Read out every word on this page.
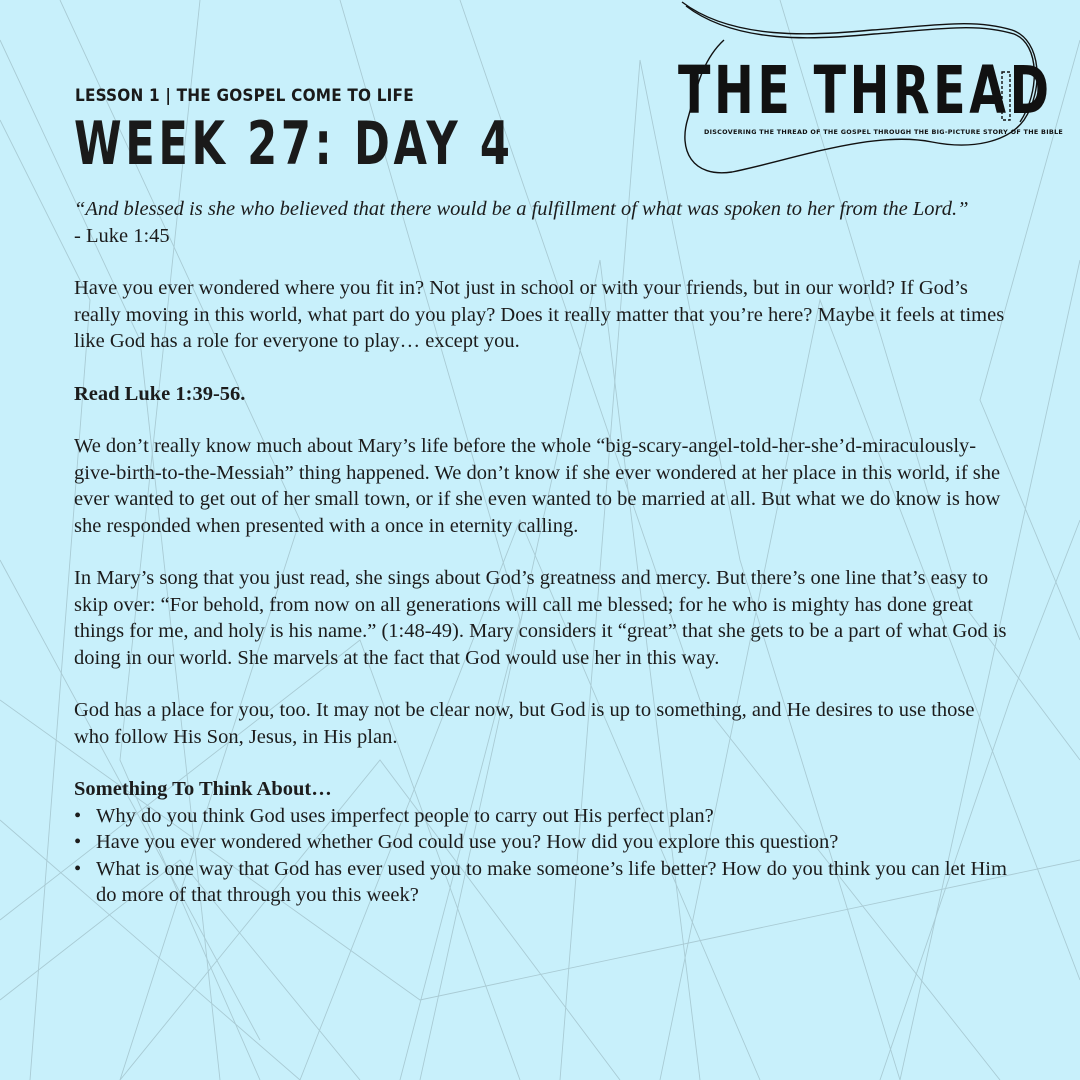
LESSON 1 | THE GOSPEL COME TO LIFE
WEEK 27: DAY 4
THE THREAD
DISCOVERING THE THREAD OF THE GOSPEL THROUGH THE BIG-PICTURE STORY OF THE BIBLE

“And blessed is she who believed that there would be a fulfillment of what was spoken to her from the Lord.”

- Luke 1:45

Have you ever wondered where you fit in? Not just in school or with your friends, but in our world? If God’s really moving in this world, what part do you play? Does it really matter that you’re here? Maybe it feels at times like God has a role for everyone to play… except you.

Read Luke 1:39-56.

We don’t really know much about Mary’s life before the whole “big-scary-angel-told-her-she’d-miraculously-give-birth-to-the-Messiah” thing happened. We don’t know if she ever wondered at her place in this world, if she ever wanted to get out of her small town, or if she even wanted to be married at all. But what we do know is how she responded when presented with a once in eternity calling.

In Mary’s song that you just read, she sings about God’s greatness and mercy. But there’s one line that’s easy to skip over: “For behold, from now on all generations will call me blessed; for he who is mighty has done great things for me, and holy is his name.” (1:48-49). Mary considers it “great” that she gets to be a part of what God is doing in our world. She marvels at the fact that God would use her in this way.

God has a place for you, too. It may not be clear now, but God is up to something, and He desires to use those who follow His Son, Jesus, in His plan.

Something To Think About…

• Why do you think God uses imperfect people to carry out His perfect plan?
• Have you ever wondered whether God could use you? How did you explore this question?
• What is one way that God has ever used you to make someone’s life better? How do you think you can let Him do more of that through you this week?
